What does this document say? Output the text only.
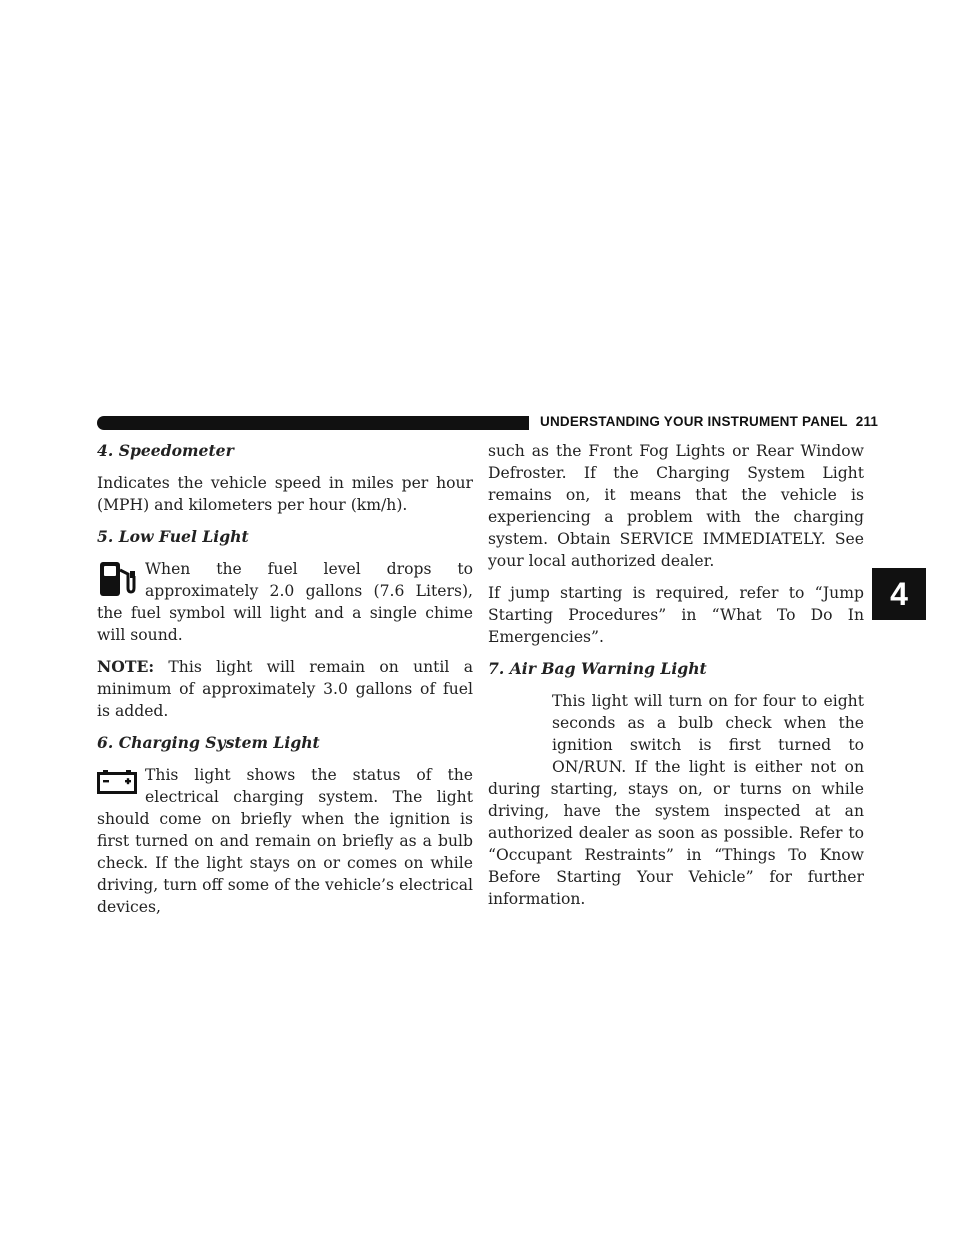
UNDERSTANDING YOUR INSTRUMENT PANEL 211
4
4. Speedometer

Indicates the vehicle speed in miles per hour (MPH) and kilometers per hour (km/h).

5. Low Fuel Light

When the fuel level drops to approximately 2.0 gallons (7.6 Liters), the fuel symbol will light and a single chime will sound.

NOTE: This light will remain on until a minimum of approximately 3.0 gallons of fuel is added.

6. Charging System Light

This light shows the status of the electrical charging system. The light should come on briefly when the ignition is first turned on and remain on briefly as a bulb check. If the light stays on or comes on while driving, turn off some of the vehicle’s electrical devices,

such as the Front Fog Lights or Rear Window Defroster. If the Charging System Light remains on, it means that the vehicle is experiencing a problem with the charging system. Obtain SERVICE IMMEDIATELY. See your local authorized dealer.

If jump starting is required, refer to “Jump Starting Procedures” in “What To Do In Emergencies”.

7. Air Bag Warning Light

This light will turn on for four to eight seconds as a bulb check when the ignition switch is first turned to ON/RUN. If the light is either not on during starting, stays on, or turns on while driving, have the system inspected at an authorized dealer as soon as possible. Refer to “Occupant Restraints” in “Things To Know Before Starting Your Vehicle” for further information.
